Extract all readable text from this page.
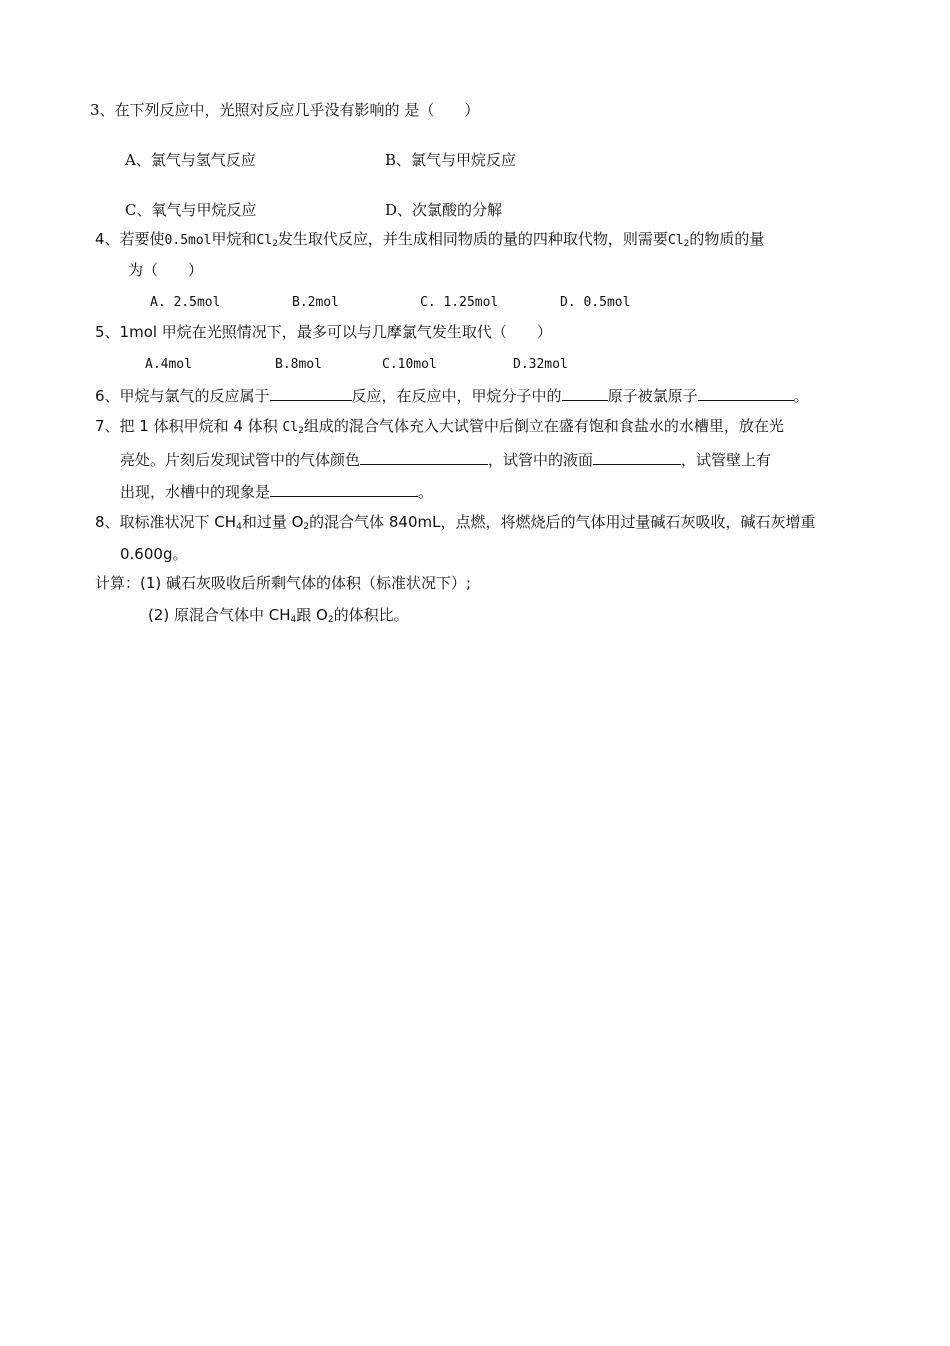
3、在下列反应中，光照对反应几乎没有影响的 是（　　）
A、氯气与氢气反应	B、氯气与甲烷反应
C、氧气与甲烷反应	D、次氯酸的分解
4、若要使0.5mol甲烷和$Cl_2$发生取代反应，并生成相同物质的量的四种取代物，则需要$Cl_2$的物质的量
为（　　）
A. 2.5mol	B.2mol	C. 1.25mol	D. 0.5mol
5、1mol 甲烷在光照情况下，最多可以与几摩氯气发生取代（　　）
A.4mol	B.8mol	C.10mol	D.32mol
6、甲烷与氯气的反应属于	反应，在反应中，甲烷分子中的	原子被氯原子	。
7、把 1 体积甲烷和 4 体积 $Cl_2$组成的混合气体充入大试管中后倒立在盛有饱和食盐水的水槽里，放在光
亮处。片刻后发现试管中的气体颜色	，试管中的液面	，试管壁上有
出现，水槽中的现象是	。
8、取标准状况下 $CH_4$和过量 $O_2$的混合气体 840mL，点燃，将燃烧后的气体用过量碱石灰吸收，碱石灰增重
0.600g。
计算：(1) 碱石灰吸收后所剩气体的体积（标准状况下）;
(2) 原混合气体中 $CH_4$跟 $O_2$的体积比。
